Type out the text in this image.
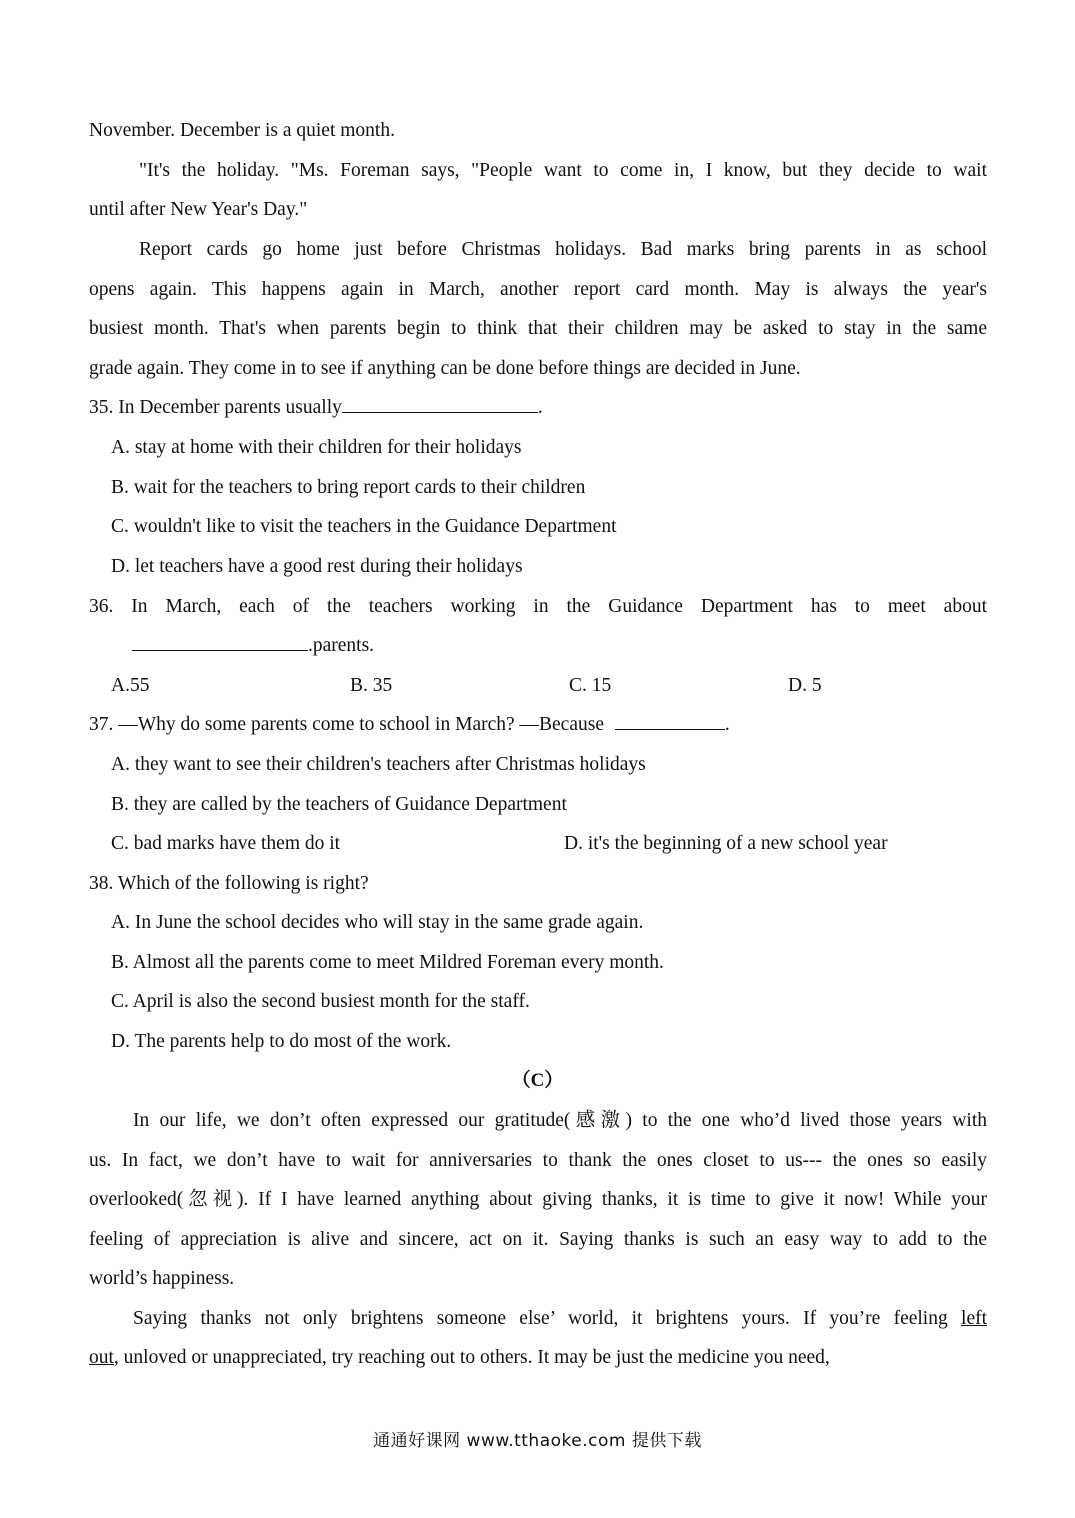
November. December is a quiet month.
"It's the holiday. "Ms. Foreman says, "People want to come in, I know, but they decide to wait
until after New Year's Day."
Report cards go home just before Christmas holidays. Bad marks bring parents in as school
opens again. This happens again in March, another report card month. May is always the year's
busiest month. That's when parents begin to think that their children may be asked to stay in the same
grade again. They come in to see if anything can be done before things are decided in June.
35. In December parents usually	.
A. stay at home with their children for their holidays
B. wait for the teachers to bring report cards to their children
C. wouldn't like to visit the teachers in the Guidance Department
D. let teachers have a good rest during their holidays
36. In March, each of the teachers working in the Guidance Department has to meet about
.parents.
A.55	B. 35	C. 15	D. 5
37. —Why do some parents come to school in March? —Because	.
A. they want to see their children's teachers after Christmas holidays
B. they are called by the teachers of Guidance Department
C. bad marks have them do it	D. it's the beginning of a new school year
38. Which of the following is right?
A. In June the school decides who will stay in the same grade again.
B. Almost all the parents come to meet Mildred Foreman every month.
C. April is also the second busiest month for the staff.
D. The parents help to do most of the work.
（C）
In our life, we don’t often expressed our gratitude(感激) to the one who’d lived those years with
us. In fact, we don’t have to wait for anniversaries to thank the ones closet to us--- the ones so easily
overlooked(忽视). If I have learned anything about giving thanks, it is time to give it now! While your
feeling of appreciation is alive and sincere, act on it. Saying thanks is such an easy way to add to the
world’s happiness.
Saying thanks not only brightens someone else’ world, it brightens yours. If you’re feeling left
out, unloved or unappreciated, try reaching out to others. It may be just the medicine you need,
通通好课网 www.tthaoke.com 提供下载
